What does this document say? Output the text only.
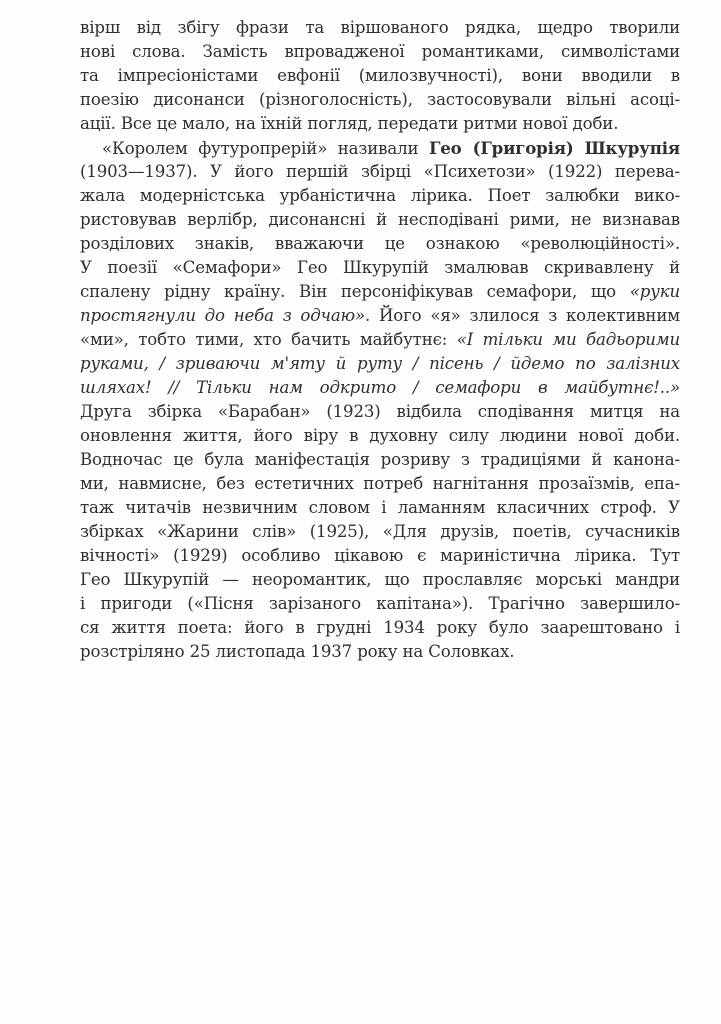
вірш від збігу фрази та віршованого рядка, щедро творили
нові слова. Замість впровадженої романтиками, символістами
та імпресіоністами евфонії (милозвучності), вони вводили в
поезію дисонанси (різноголосність), застосовували вільні асоці-
ації. Все це мало, на їхній погляд, передати ритми нової доби.
«Королем футуропрерій» називали Гео (Григорія) Шкурупія
(1903—1937). У його першій збірці «Психетози» (1922) перева-
жала модерністська урбаністична лірика. Поет залюбки вико-
ристовував верлібр, дисонансні й несподівані рими, не визнавав
розділових знаків, вважаючи це ознакою «революційності».
У поезії «Семафори» Гео Шкурупій змалював скривавлену й
спалену рідну країну. Він персоніфікував семафори, що «руки
простягнули до неба з одчаю». Його «я» злилося з колективним
«ми», тобто тими, хто бачить майбутнє: «І тільки ми бадьорими
руками, / зриваючи м'яту й руту / пісень / йдемо по залізних
шляхах! // Тільки нам одкрито / семафори в майбутнє!..»
Друга збірка «Барабан» (1923) відбила сподівання митця на
оновлення життя, його віру в духовну силу людини нової доби.
Водночас це була маніфестація розриву з традиціями й канона-
ми, навмисне, без естетичних потреб нагнітання прозаїзмів, епа-
таж читачів незвичним словом і ламанням класичних строф. У
збірках «Жарини слів» (1925), «Для друзів, поетів, сучасників
вічності» (1929) особливо цікавою є мариністична лірика. Тут
Гео Шкурупій — неоромантик, що прославляє морські мандри
і пригоди («Пісня зарізаного капітана»). Трагічно завершило-
ся життя поета: його в грудні 1934 року було заарештовано і
розстріляно 25 листопада 1937 року на Соловках.
